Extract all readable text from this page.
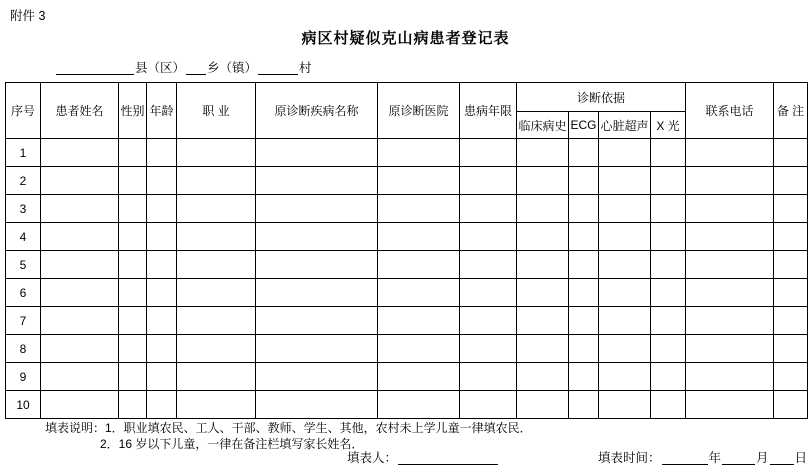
附件 3
病区村疑似克山病患者登记表
县（区） 乡（镇）	村
序号	患者姓名	性别	年龄	职 业	原诊断疾病名称	原诊断医院	患病年限	诊断依据				联系电话	备 注
								临床病史	ECG	心脏超声	X 光		
1													
2													
3													
4													
5													
6													
7													
8													
9													
10													
填表说明：1．职业填农民、工人、干部、教师、学生、其他，农村未上学儿童一律填农民．
2．16 岁以下儿童，一律在备注栏填写家长姓名．
填表人：	填表时间：	年	月 日
